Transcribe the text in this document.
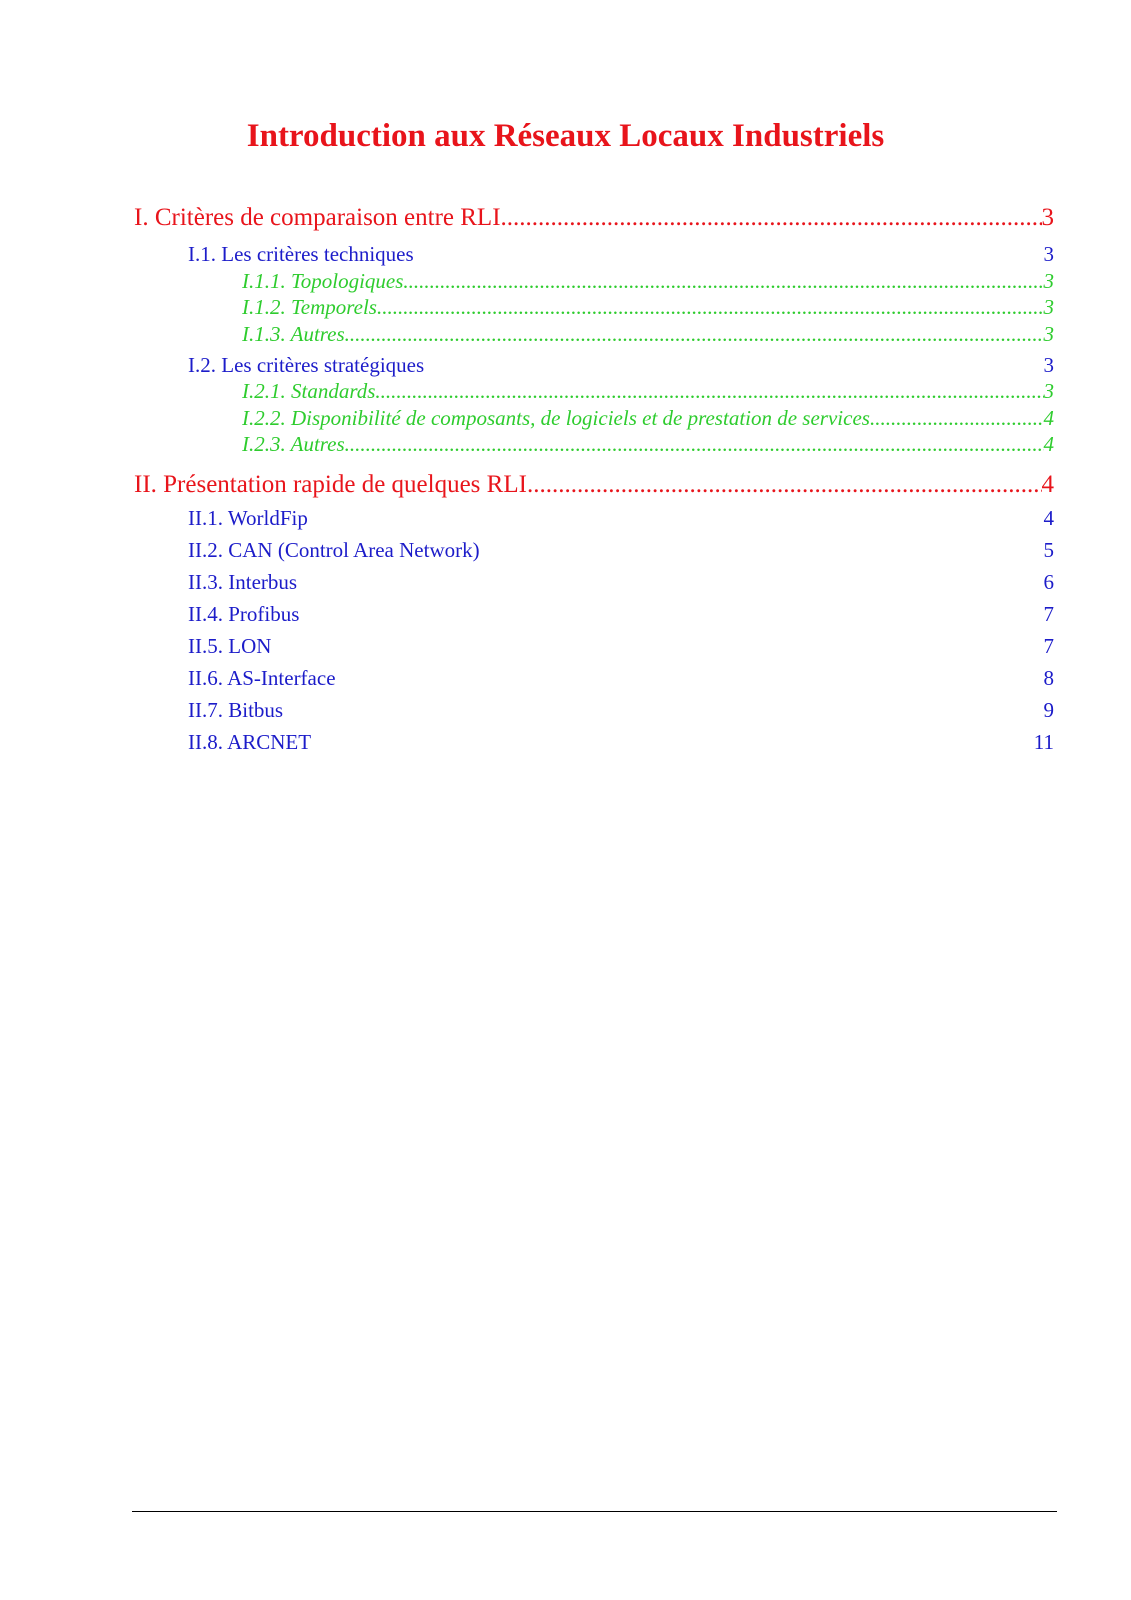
Introduction aux Réseaux Locaux Industriels
I. Critères de comparaison entre RLI .....	3
I.1. Les critères techniques	3
I.1.1. Topologiques .....	3
I.1.2. Temporels .....	3
I.1.3. Autres .....	3
I.2. Les critères stratégiques	3
I.2.1. Standards .....	3
I.2.2. Disponibilité de composants, de logiciels et de prestation de services .....	4
I.2.3. Autres .....	4
II. Présentation rapide de quelques RLI .....	4
II.1. WorldFip	4
II.2. CAN (Control Area Network)	5
II.3. Interbus	6
II.4. Profibus	7
II.5. LON	7
II.6. AS-Interface	8
II.7. Bitbus	9
II.8. ARCNET	11
